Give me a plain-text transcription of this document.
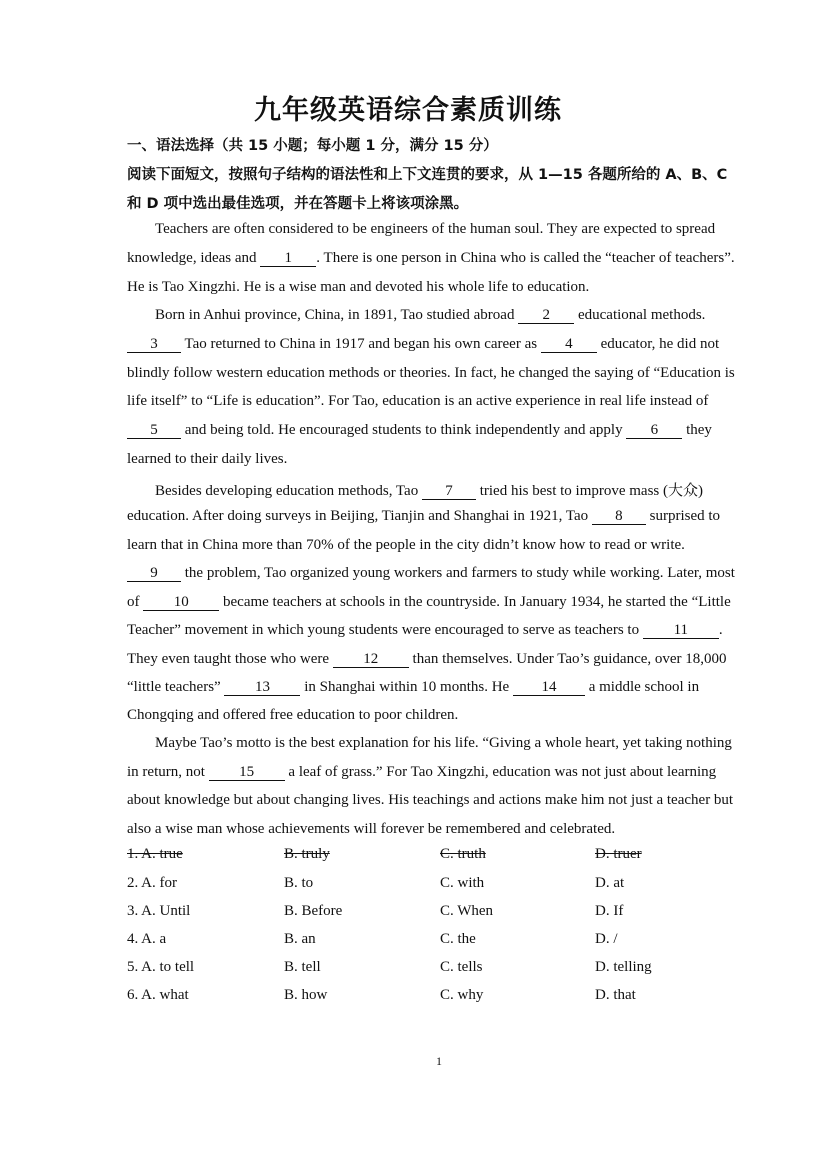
九年级英语综合素质训练
一、语法选择（共 15 小题；每小题 1 分，满分 15 分）
阅读下面短文，按照句子结构的语法性和上下文连贯的要求，从 1—15 各题所给的 A、B、C
和 D 项中选出最佳选项，并在答题卡上将该项涂黑。
Teachers are often considered to be engineers of the human soul. They are expected to spread
knowledge, ideas and 1 . There is one person in China who is called the “teacher of teachers”.
He is Tao Xingzhi. He is a wise man and devoted his whole life to education.
Born in Anhui province, China, in 1891, Tao studied abroad 2 educational methods.
3 Tao returned to China in 1917 and began his own career as 4 educator, he did not
blindly follow western education methods or theories. In fact, he changed the saying of “Education is
life itself” to “Life is education”. For Tao, education is an active experience in real life instead of
5 and being told. He encouraged students to think independently and apply 6 they
learned to their daily lives.
Besides developing education methods, Tao 7 tried his best to improve mass (大众)
education. After doing surveys in Beijing, Tianjin and Shanghai in 1921, Tao 8 surprised to
learn that in China more than 70% of the people in the city didn’t know how to read or write.
9 the problem, Tao organized young workers and farmers to study while working. Later, most
of 10 became teachers at schools in the countryside. In January 1934, he started the “Little
Teacher” movement in which young students were encouraged to serve as teachers to 11 .
They even taught those who were 12 than themselves. Under Tao’s guidance, over 18,000
“little teachers” 13 in Shanghai within 10 months. He 14 a middle school in
Chongqing and offered free education to poor children.
Maybe Tao’s motto is the best explanation for his life. “Giving a whole heart, yet taking nothing
in return, not 15 a leaf of grass.” For Tao Xingzhi, education was not just about learning
about knowledge but about changing lives. His teachings and actions make him not just a teacher but
also a wise man whose achievements will forever be remembered and celebrated.
1. A. true	B. truly	C. truth	D. truer
2. A. for	B. to	C. with	D. at
3. A. Until	B. Before	C. When	D. If
4. A. a	B. an	C. the	D. /
5. A. to tell	B. tell	C. tells	D. telling
6. A. what	B. how	C. why	D. that
1
